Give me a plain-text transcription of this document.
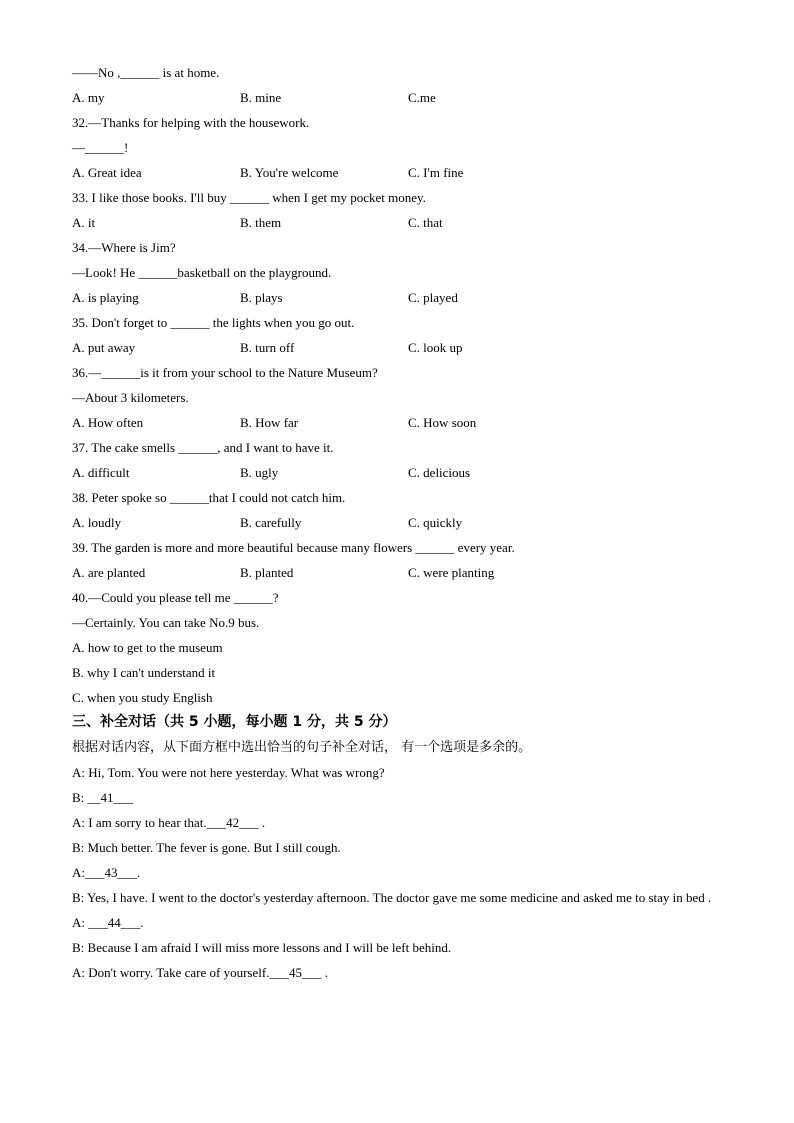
——No ,______ is at home.
A. my	B. mine	C.me
32.—Thanks for helping with the housework.
—______!
A. Great idea	B. You're welcome	C. I'm fine
33. I like those books. I'll buy ______ when I get my pocket money.
A. it	B. them	C. that
34.—Where is Jim?
—Look! He ______basketball on the playground.
A. is playing	B. plays	C. played
35. Don't forget to ______ the lights when you go out.
A. put away	B. turn off	C. look up
36.—______is it from your school to the Nature Museum?
—About 3 kilometers.
A. How often	B. How far	C. How soon
37. The cake smells ______, and I want to have it.
A. difficult	B. ugly	C. delicious
38. Peter spoke so ______that I could not catch him.
A. loudly	B. carefully	C. quickly
39. The garden is more and more beautiful because many flowers ______ every year.
A. are planted	B. planted	C. were planting
40.—Could you please tell me ______?
—Certainly. You can take No.9 bus.
A. how to get to the museum
B. why I can't understand it
C. when you study English
三、补全对话（共 5 小题，每小题 1 分，共 5 分）
根据对话内容，从下面方框中选出恰当的句子补全对话， 有一个选项是多余的。
A: Hi, Tom. You were not here yesterday. What was wrong?
B: __41___
A: I am sorry to hear that.___42___ .
B: Much better. The fever is gone. But I still cough.
A:___43___.
B: Yes, I have. I went to the doctor's yesterday afternoon. The doctor gave me some medicine and asked me to stay in bed .
A: ___44___.
B: Because I am afraid I will miss more lessons and I will be left behind.
A: Don't worry. Take care of yourself.___45___ .
